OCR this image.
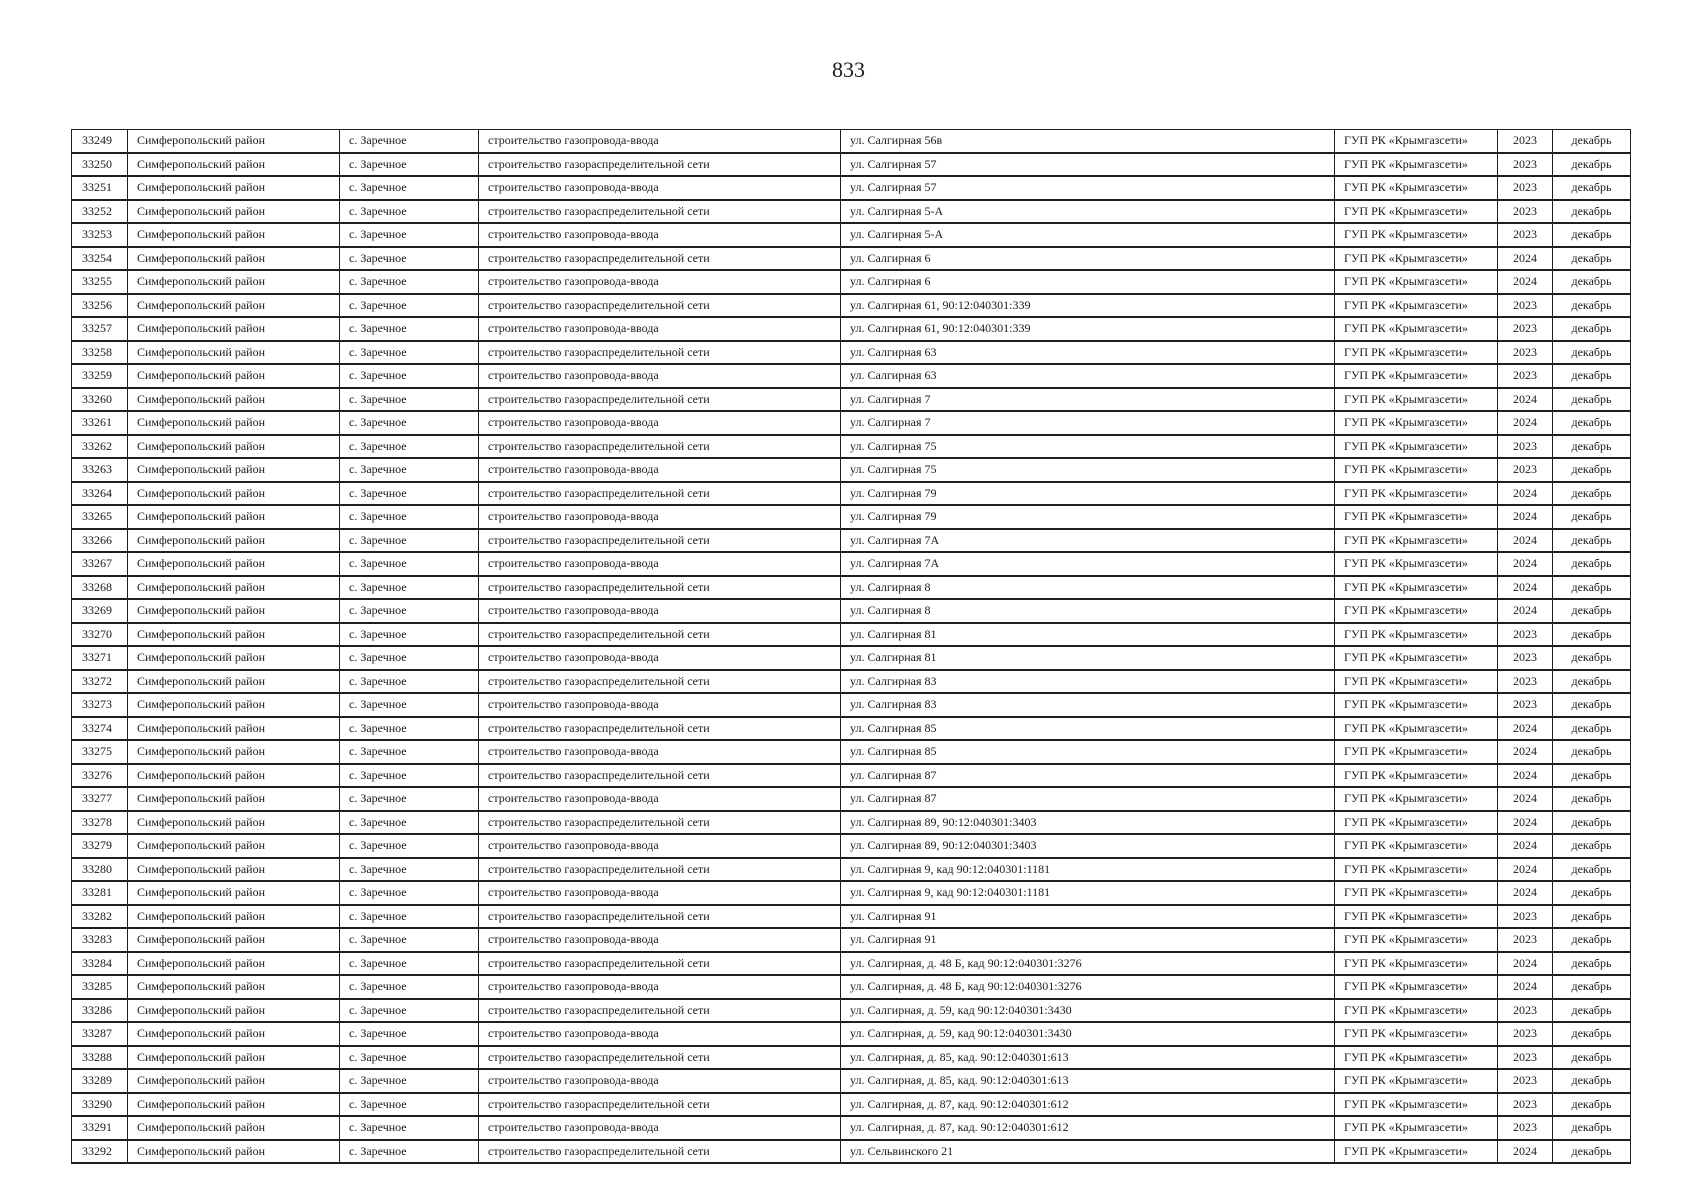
833
33249	Симферопольский район	с. Заречное	строительство газопровода-ввода	ул. Салгирная 56в	ГУП РК «Крымгазсети»	2023	декабрь
33250	Симферопольский район	с. Заречное	строительство газораспределительной сети	ул. Салгирная 57	ГУП РК «Крымгазсети»	2023	декабрь
33251	Симферопольский район	с. Заречное	строительство газопровода-ввода	ул. Салгирная 57	ГУП РК «Крымгазсети»	2023	декабрь
33252	Симферопольский район	с. Заречное	строительство газораспределительной сети	ул. Салгирная 5-А	ГУП РК «Крымгазсети»	2023	декабрь
33253	Симферопольский район	с. Заречное	строительство газопровода-ввода	ул. Салгирная 5-А	ГУП РК «Крымгазсети»	2023	декабрь
33254	Симферопольский район	с. Заречное	строительство газораспределительной сети	ул. Салгирная 6	ГУП РК «Крымгазсети»	2024	декабрь
33255	Симферопольский район	с. Заречное	строительство газопровода-ввода	ул. Салгирная 6	ГУП РК «Крымгазсети»	2024	декабрь
33256	Симферопольский район	с. Заречное	строительство газораспределительной сети	ул. Салгирная 61, 90:12:040301:339	ГУП РК «Крымгазсети»	2023	декабрь
33257	Симферопольский район	с. Заречное	строительство газопровода-ввода	ул. Салгирная 61, 90:12:040301:339	ГУП РК «Крымгазсети»	2023	декабрь
33258	Симферопольский район	с. Заречное	строительство газораспределительной сети	ул. Салгирная 63	ГУП РК «Крымгазсети»	2023	декабрь
33259	Симферопольский район	с. Заречное	строительство газопровода-ввода	ул. Салгирная 63	ГУП РК «Крымгазсети»	2023	декабрь
33260	Симферопольский район	с. Заречное	строительство газораспределительной сети	ул. Салгирная 7	ГУП РК «Крымгазсети»	2024	декабрь
33261	Симферопольский район	с. Заречное	строительство газопровода-ввода	ул. Салгирная 7	ГУП РК «Крымгазсети»	2024	декабрь
33262	Симферопольский район	с. Заречное	строительство газораспределительной сети	ул. Салгирная 75	ГУП РК «Крымгазсети»	2023	декабрь
33263	Симферопольский район	с. Заречное	строительство газопровода-ввода	ул. Салгирная 75	ГУП РК «Крымгазсети»	2023	декабрь
33264	Симферопольский район	с. Заречное	строительство газораспределительной сети	ул. Салгирная 79	ГУП РК «Крымгазсети»	2024	декабрь
33265	Симферопольский район	с. Заречное	строительство газопровода-ввода	ул. Салгирная 79	ГУП РК «Крымгазсети»	2024	декабрь
33266	Симферопольский район	с. Заречное	строительство газораспределительной сети	ул. Салгирная 7А	ГУП РК «Крымгазсети»	2024	декабрь
33267	Симферопольский район	с. Заречное	строительство газопровода-ввода	ул. Салгирная 7А	ГУП РК «Крымгазсети»	2024	декабрь
33268	Симферопольский район	с. Заречное	строительство газораспределительной сети	ул. Салгирная 8	ГУП РК «Крымгазсети»	2024	декабрь
33269	Симферопольский район	с. Заречное	строительство газопровода-ввода	ул. Салгирная 8	ГУП РК «Крымгазсети»	2024	декабрь
33270	Симферопольский район	с. Заречное	строительство газораспределительной сети	ул. Салгирная 81	ГУП РК «Крымгазсети»	2023	декабрь
33271	Симферопольский район	с. Заречное	строительство газопровода-ввода	ул. Салгирная 81	ГУП РК «Крымгазсети»	2023	декабрь
33272	Симферопольский район	с. Заречное	строительство газораспределительной сети	ул. Салгирная 83	ГУП РК «Крымгазсети»	2023	декабрь
33273	Симферопольский район	с. Заречное	строительство газопровода-ввода	ул. Салгирная 83	ГУП РК «Крымгазсети»	2023	декабрь
33274	Симферопольский район	с. Заречное	строительство газораспределительной сети	ул. Салгирная 85	ГУП РК «Крымгазсети»	2024	декабрь
33275	Симферопольский район	с. Заречное	строительство газопровода-ввода	ул. Салгирная 85	ГУП РК «Крымгазсети»	2024	декабрь
33276	Симферопольский район	с. Заречное	строительство газораспределительной сети	ул. Салгирная 87	ГУП РК «Крымгазсети»	2024	декабрь
33277	Симферопольский район	с. Заречное	строительство газопровода-ввода	ул. Салгирная 87	ГУП РК «Крымгазсети»	2024	декабрь
33278	Симферопольский район	с. Заречное	строительство газораспределительной сети	ул. Салгирная 89, 90:12:040301:3403	ГУП РК «Крымгазсети»	2024	декабрь
33279	Симферопольский район	с. Заречное	строительство газопровода-ввода	ул. Салгирная 89, 90:12:040301:3403	ГУП РК «Крымгазсети»	2024	декабрь
33280	Симферопольский район	с. Заречное	строительство газораспределительной сети	ул. Салгирная 9, кад 90:12:040301:1181	ГУП РК «Крымгазсети»	2024	декабрь
33281	Симферопольский район	с. Заречное	строительство газопровода-ввода	ул. Салгирная 9, кад 90:12:040301:1181	ГУП РК «Крымгазсети»	2024	декабрь
33282	Симферопольский район	с. Заречное	строительство газораспределительной сети	ул. Салгирная 91	ГУП РК «Крымгазсети»	2023	декабрь
33283	Симферопольский район	с. Заречное	строительство газопровода-ввода	ул. Салгирная 91	ГУП РК «Крымгазсети»	2023	декабрь
33284	Симферопольский район	с. Заречное	строительство газораспределительной сети	ул. Салгирная, д. 48 Б, кад 90:12:040301:3276	ГУП РК «Крымгазсети»	2024	декабрь
33285	Симферопольский район	с. Заречное	строительство газопровода-ввода	ул. Салгирная, д. 48 Б, кад 90:12:040301:3276	ГУП РК «Крымгазсети»	2024	декабрь
33286	Симферопольский район	с. Заречное	строительство газораспределительной сети	ул. Салгирная, д. 59, кад 90:12:040301:3430	ГУП РК «Крымгазсети»	2023	декабрь
33287	Симферопольский район	с. Заречное	строительство газопровода-ввода	ул. Салгирная, д. 59, кад 90:12:040301:3430	ГУП РК «Крымгазсети»	2023	декабрь
33288	Симферопольский район	с. Заречное	строительство газораспределительной сети	ул. Салгирная, д. 85, кад. 90:12:040301:613	ГУП РК «Крымгазсети»	2023	декабрь
33289	Симферопольский район	с. Заречное	строительство газопровода-ввода	ул. Салгирная, д. 85, кад. 90:12:040301:613	ГУП РК «Крымгазсети»	2023	декабрь
33290	Симферопольский район	с. Заречное	строительство газораспределительной сети	ул. Салгирная, д. 87, кад. 90:12:040301:612	ГУП РК «Крымгазсети»	2023	декабрь
33291	Симферопольский район	с. Заречное	строительство газопровода-ввода	ул. Салгирная, д. 87, кад. 90:12:040301:612	ГУП РК «Крымгазсети»	2023	декабрь
33292	Симферопольский район	с. Заречное	строительство газораспределительной сети	ул. Сельвинского 21	ГУП РК «Крымгазсети»	2024	декабрь
